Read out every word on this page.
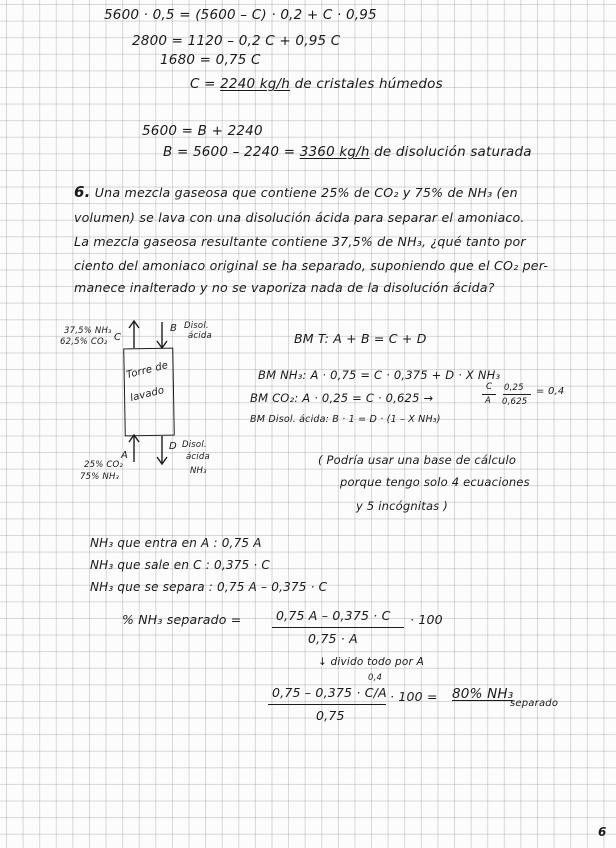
5600 · 0,5 = (5600 – C) · 0,2 + C · 0,95
2800 = 1120 – 0,2 C + 0,95 C
1680 = 0,75 C
C = 2240 kg/h de cristales húmedos
5600 = B + 2240
B = 5600 – 2240 = 3360 kg/h de disolución saturada
6. Una mezcla gaseosa que contiene 25% de CO₂ y 75% de NH₃ (en
volumen) se lava con una disolución ácida para separar el amoniaco.
La mezcla gaseosa resultante contiene 37,5% de NH₃, ¿qué tanto por
ciento del amoniaco original se ha separado, suponiendo que el CO₂ per-
manece inalterado y no se vaporiza nada de la disolución ácida?
Torre de
lavado
37,5% NH₃
62,5% CO₂ C
B Disol.
ácida
A
25% CO₂
75% NH₃
D Disol.
ácida
NH₃
BM T: A + B = C + D
BM NH₃: A · 0,75 = C · 0,375 + D · X NH₃
BM CO₂: A · 0,25 = C · 0,625 →
C
A
0,25
0,625
= 0,4
BM Disol. ácida: B · 1 = D · (1 – X NH₃)
( Podría usar una base de cálculo
porque tengo solo 4 ecuaciones
y 5 incógnitas )
NH₃ que entra en A : 0,75 A
NH₃ que sale en C : 0,375 · C
NH₃ que se separa : 0,75 A – 0,375 · C
% NH₃ separado =	0,75 A – 0,375 · C · 100
0,75 · A
↓ divido todo por A
0,4
0,75 – 0,375 · C/A · 100 = 80% NH₃
separado
0,75
6
